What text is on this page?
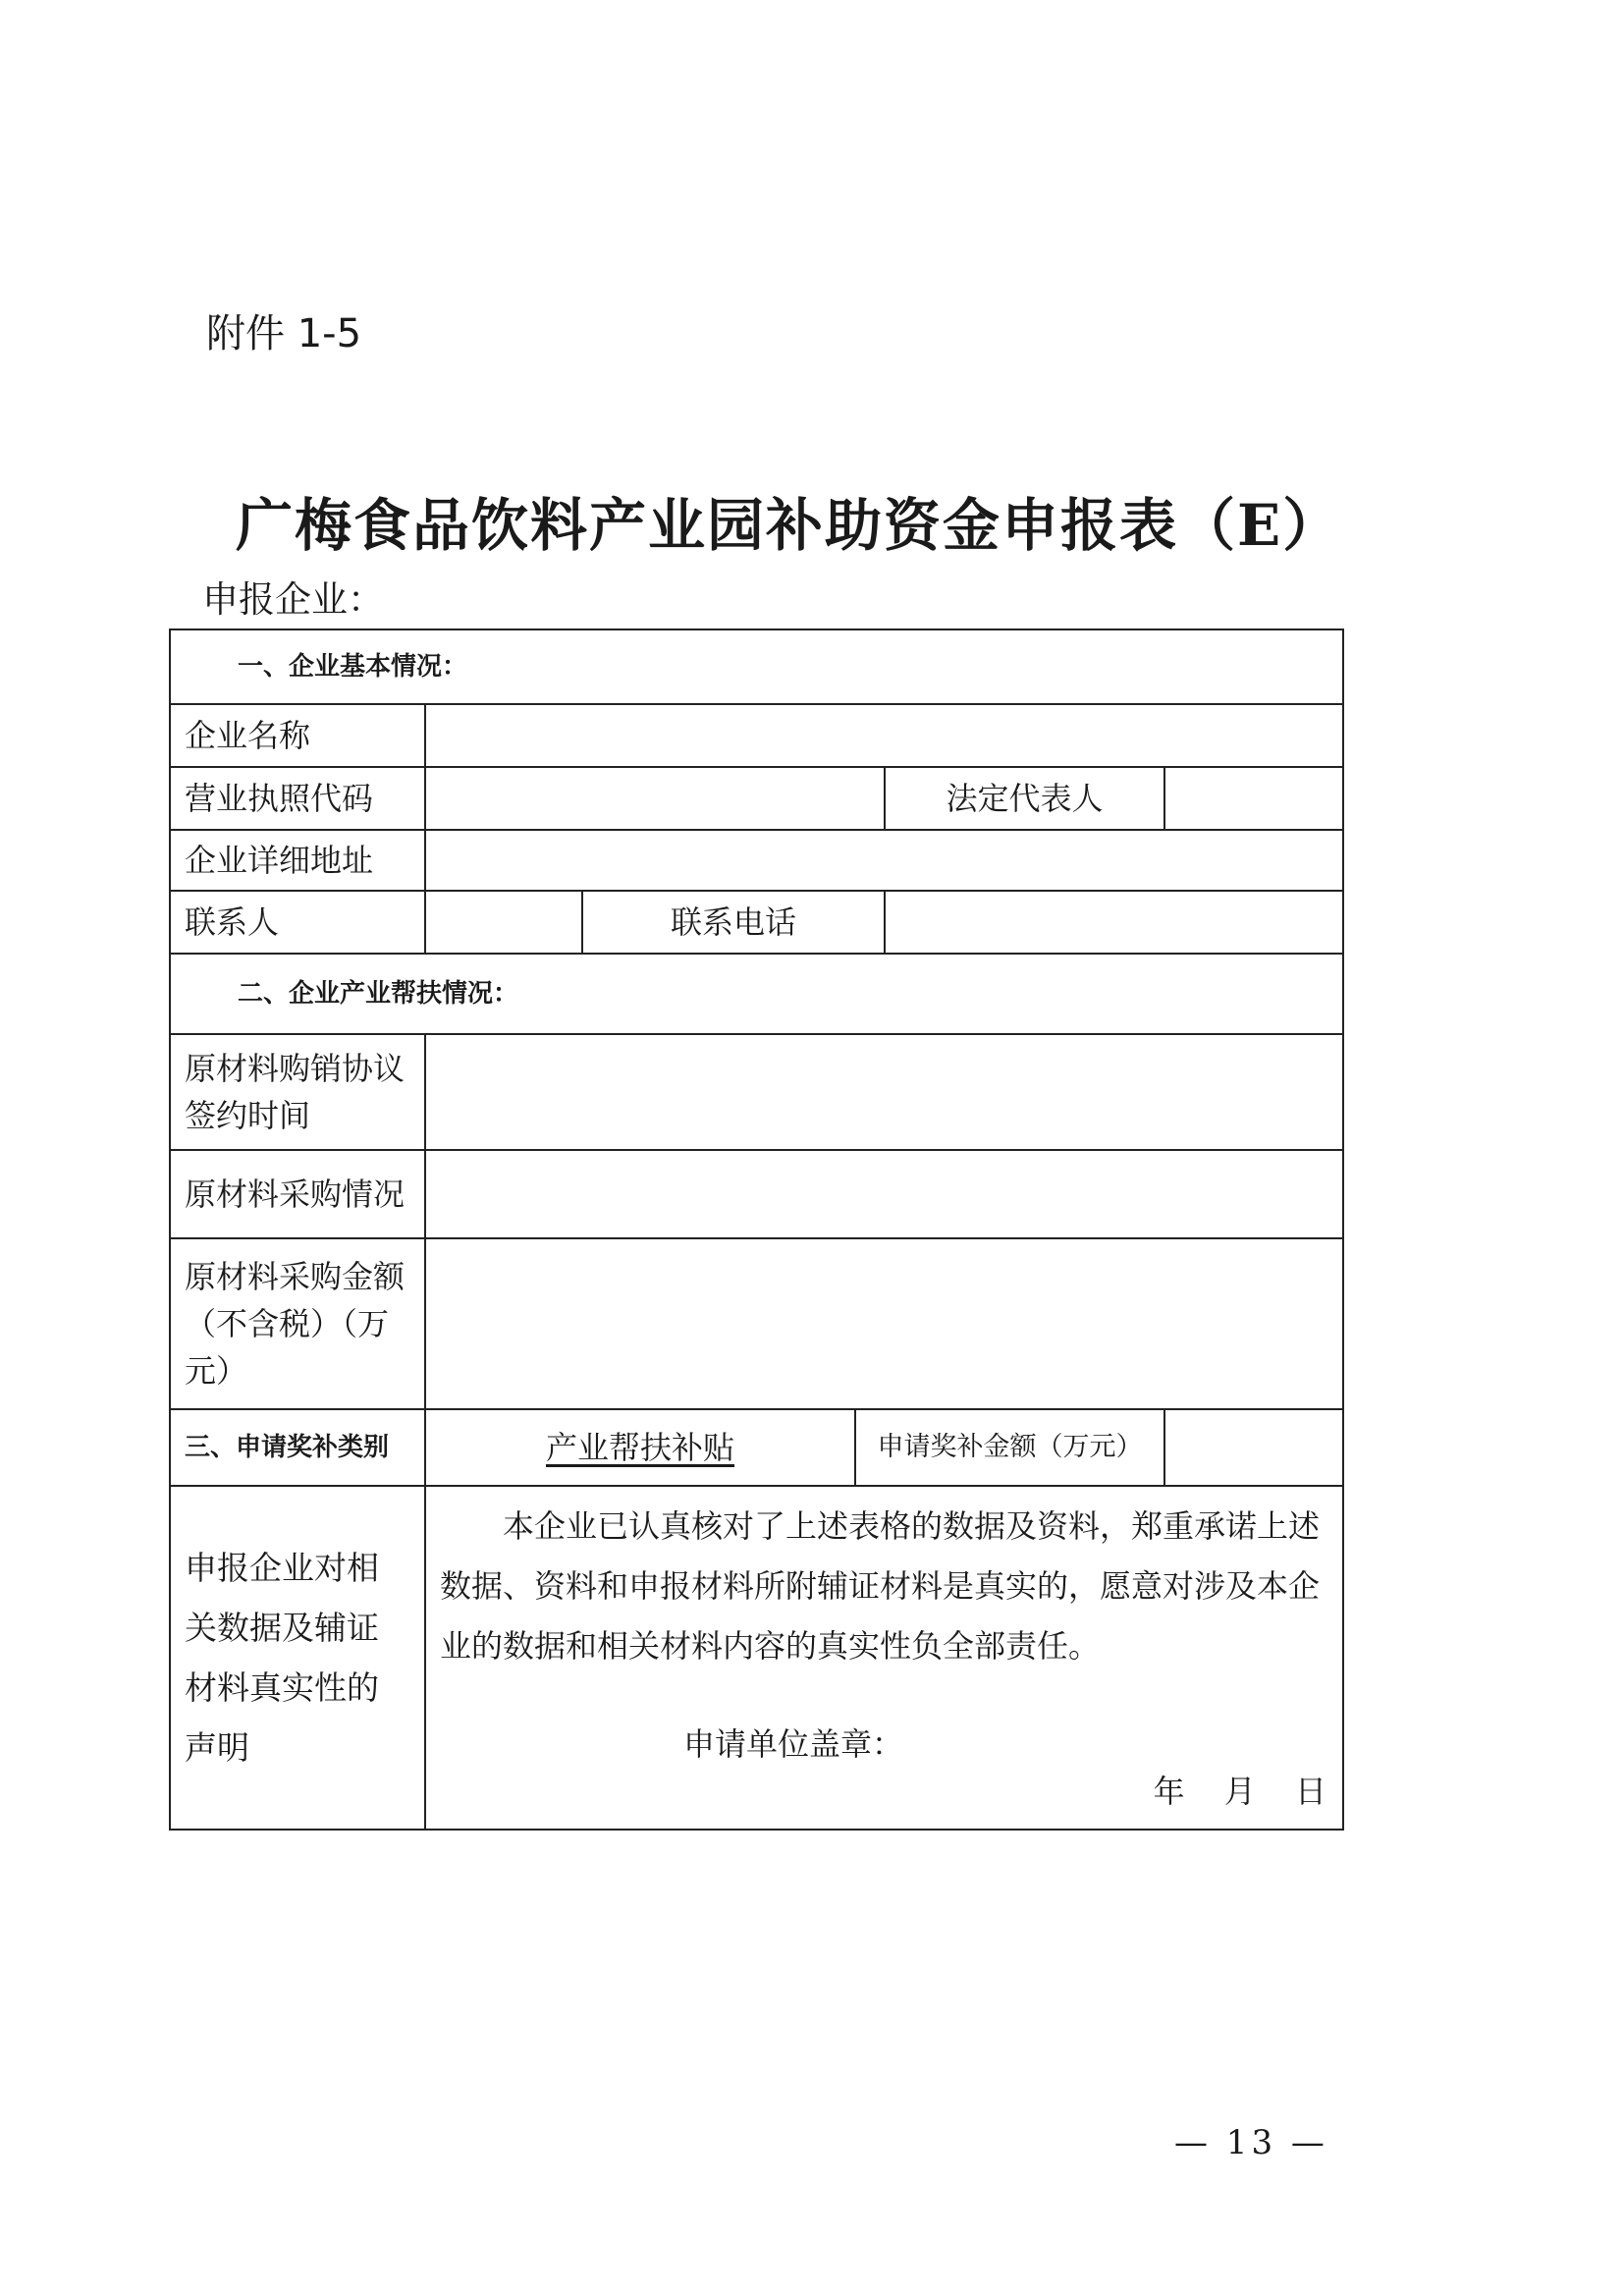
附件 1-5
广梅食品饮料产业园补助资金申报表（E）
申报企业：
一、企业基本情况：					
企业名称					
营业执照代码				法定代表人	
企业详细地址					
联系人		联系电话			
二、企业产业帮扶情况：					
原材料购销协议签约时间					
原材料采购情况					
原材料采购金额（不含税）（万元）					
三、申请奖补类别	产业帮扶补贴		申请奖补金额（万元）		
申报企业对相关数据及辅证材料真实性的声明	本企业已认真核对了上述表格的数据及资料，郑重承诺上述数据、资料和申报材料所附辅证材料是真实的，愿意对涉及本企业的数据和相关材料内容的真实性负全部责任。

申请单位盖章：
年 月 日				
— 13 —
